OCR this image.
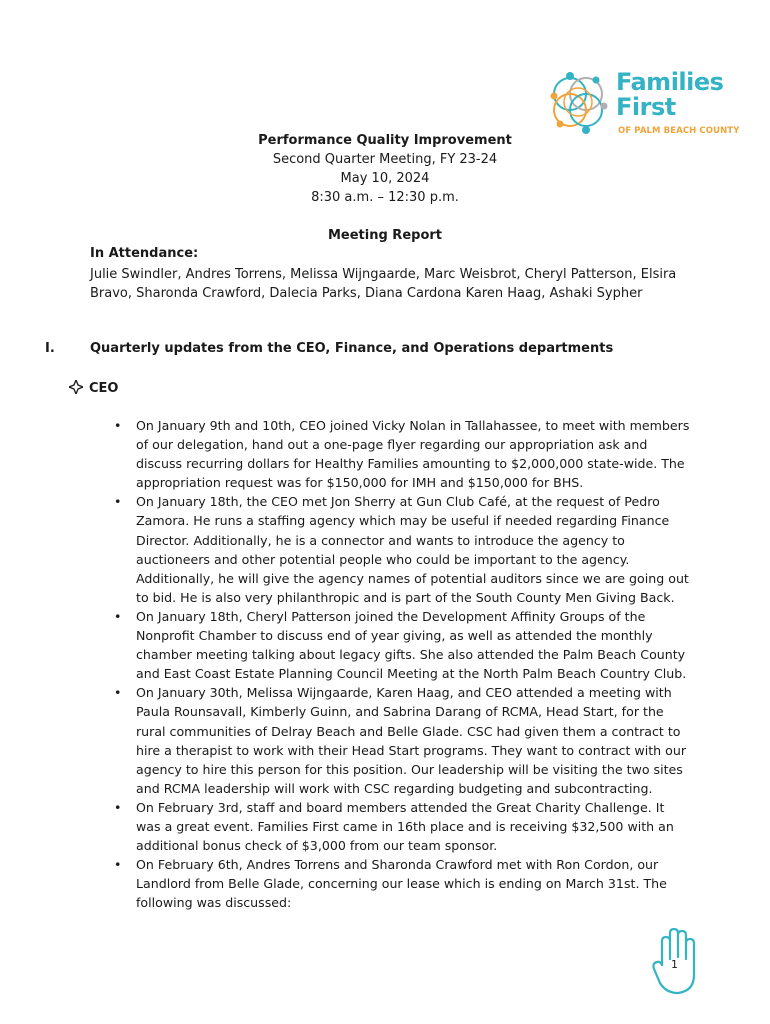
Families
First
OF PALM BEACH COUNTY
Performance Quality Improvement
Second Quarter Meeting, FY 23-24
May 10, 2024
8:30 a.m. – 12:30 p.m.
Meeting Report
In Attendance:
Julie Swindler, Andres Torrens, Melissa Wijngaarde, Marc Weisbrot, Cheryl Patterson, Elsira Bravo, Sharonda Crawford, Dalecia Parks, Diana Cardona Karen Haag, Ashaki Sypher
I.	Quarterly updates from the CEO, Finance, and Operations departments
CEO
• On January 9th and 10th, CEO joined Vicky Nolan in Tallahassee, to meet with members of our delegation, hand out a one-page flyer regarding our appropriation ask and discuss recurring dollars for Healthy Families amounting to $2,000,000 state-wide. The appropriation request was for $150,000 for IMH and $150,000 for BHS.
• On January 18th, the CEO met Jon Sherry at Gun Club Café, at the request of Pedro Zamora. He runs a staffing agency which may be useful if needed regarding Finance Director. Additionally, he is a connector and wants to introduce the agency to auctioneers and other potential people who could be important to the agency. Additionally, he will give the agency names of potential auditors since we are going out to bid. He is also very philanthropic and is part of the South County Men Giving Back.
• On January 18th, Cheryl Patterson joined the Development Affinity Groups of the Nonprofit Chamber to discuss end of year giving, as well as attended the monthly chamber meeting talking about legacy gifts. She also attended the Palm Beach County and East Coast Estate Planning Council Meeting at the North Palm Beach Country Club.
• On January 30th, Melissa Wijngaarde, Karen Haag, and CEO attended a meeting with Paula Rounsavall, Kimberly Guinn, and Sabrina Darang of RCMA, Head Start, for the rural communities of Delray Beach and Belle Glade. CSC had given them a contract to hire a therapist to work with their Head Start programs. They want to contract with our agency to hire this person for this position. Our leadership will be visiting the two sites and RCMA leadership will work with CSC regarding budgeting and subcontracting.
• On February 3rd, staff and board members attended the Great Charity Challenge. It was a great event. Families First came in 16th place and is receiving $32,500 with an additional bonus check of $3,000 from our team sponsor.
• On February 6th, Andres Torrens and Sharonda Crawford met with Ron Cordon, our Landlord from Belle Glade, concerning our lease which is ending on March 31st. The following was discussed:
1
